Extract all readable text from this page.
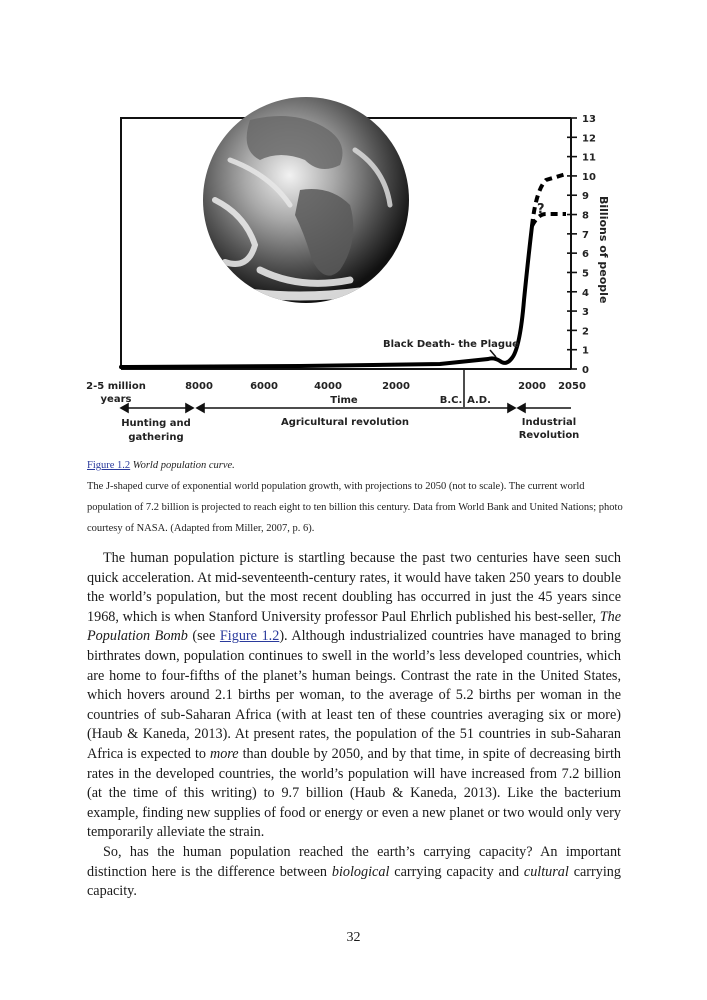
?
Black Death- the Plague
0
1
2
3
4
5
6
7
8
9
10
11
12
13
Billions of people
2-5 million
years
8000	6000	4000	2000	2000 2050
Time	B.C. A.D.
Hunting and
gathering
Agricultural revolution	Industrial
Revolution
Figure 1.2 World population curve.
The J-shaped curve of exponential world population growth, with projections to 2050 (not to scale). The current world population of 7.2 billion is projected to reach eight to ten billion this century. Data from World Bank and United Nations; photo courtesy of NASA. (Adapted from Miller, 2007, p. 6).

The human population picture is startling because the past two centuries have seen such quick acceleration. At mid-seventeenth-century rates, it would have taken 250 years to double the world’s population, but the most recent doubling has occurred in just the 45 years since 1968, which is when Stanford University professor Paul Ehrlich published his best-seller, The Population Bomb (see Figure 1.2). Although industrialized countries have managed to bring birthrates down, population continues to swell in the world’s less developed countries, which are home to four-fifths of the planet’s human beings. Contrast the rate in the United States, which hovers around 2.1 births per woman, to the average of 5.2 births per woman in the countries of sub-Saharan Africa (with at least ten of these countries averaging six or more) (Haub & Kaneda, 2013). At present rates, the population of the 51 countries in sub-Saharan Africa is expected to more than double by 2050, and by that time, in spite of decreasing birth rates in the developed countries, the world’s population will have increased from 7.2 billion (at the time of this writing) to 9.7 billion (Haub & Kaneda, 2013). Like the bacterium example, finding new supplies of food or energy or even a new planet or two would only very temporarily alleviate the strain.

So, has the human population reached the earth’s carrying capacity? An important distinction here is the difference between biological carrying capacity and cultural carrying capacity.

32
